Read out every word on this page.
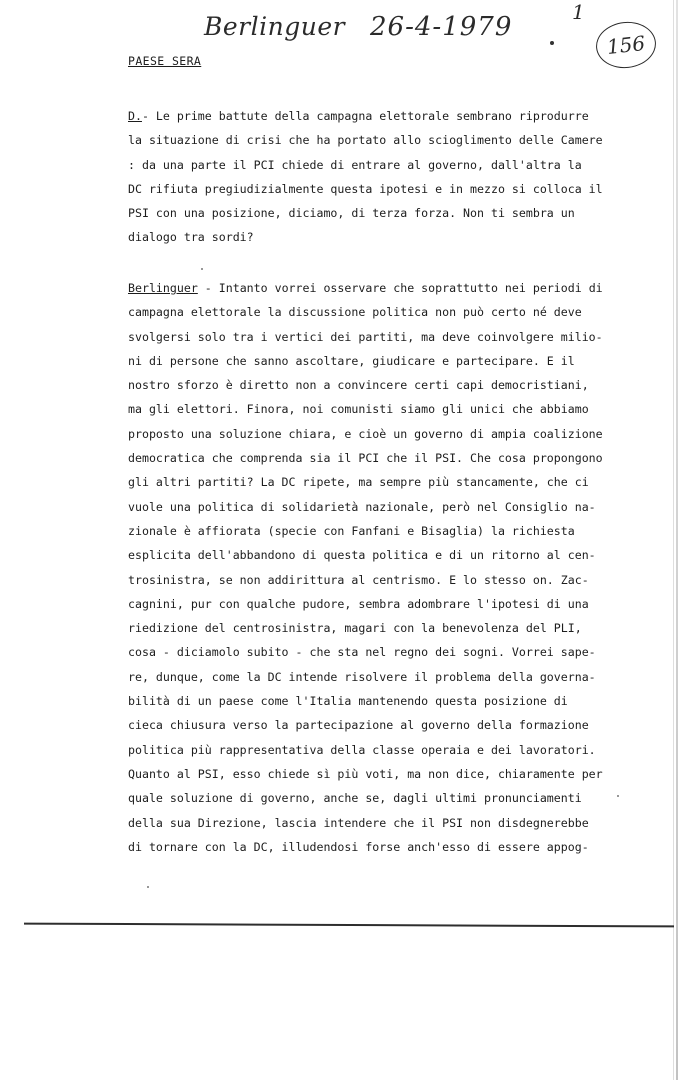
Berlinguer 26-4-1979	1
156
PAESE SERA
D.- Le prime battute della campagna elettorale sembrano riprodurre
la situazione di crisi che ha portato allo scioglimento delle Camere
: da una parte il PCI chiede di entrare al governo, dall'altra la
DC rifiuta pregiudizialmente questa ipotesi e in mezzo si colloca il
PSI con una posizione, diciamo, di terza forza. Non ti sembra un
dialogo tra sordi?
Berlinguer - Intanto vorrei osservare che soprattutto nei periodi di
campagna elettorale la discussione politica non può certo né deve
svolgersi solo tra i vertici dei partiti, ma deve coinvolgere milio-
ni di persone che sanno ascoltare, giudicare e partecipare. E il
nostro sforzo è diretto non a convincere certi capi democristiani,
ma gli elettori. Finora, noi comunisti siamo gli unici che abbiamo
proposto una soluzione chiara, e cioè un governo di ampia coalizione
democratica che comprenda sia il PCI che il PSI. Che cosa propongono
gli altri partiti? La DC ripete, ma sempre più stancamente, che ci
vuole una politica di solidarietà nazionale, però nel Consiglio na-
zionale è affiorata (specie con Fanfani e Bisaglia) la richiesta
esplicita dell'abbandono di questa politica e di un ritorno al cen-
trosinistra, se non addirittura al centrismo. E lo stesso on. Zac-
cagnini, pur con qualche pudore, sembra adombrare l'ipotesi di una
riedizione del centrosinistra, magari con la benevolenza del PLI,
cosa - diciamolo subito - che sta nel regno dei sogni. Vorrei sape-
re, dunque, come la DC intende risolvere il problema della governa-
bilità di un paese come l'Italia mantenendo questa posizione di
cieca chiusura verso la partecipazione al governo della formazione
politica più rappresentativa della classe operaia e dei lavoratori.
Quanto al PSI, esso chiede sì più voti, ma non dice, chiaramente per
quale soluzione di governo, anche se, dagli ultimi pronunciamenti
della sua Direzione, lascia intendere che il PSI non disdegnerebbe
di tornare con la DC, illudendosi forse anch'esso di essere appog-
